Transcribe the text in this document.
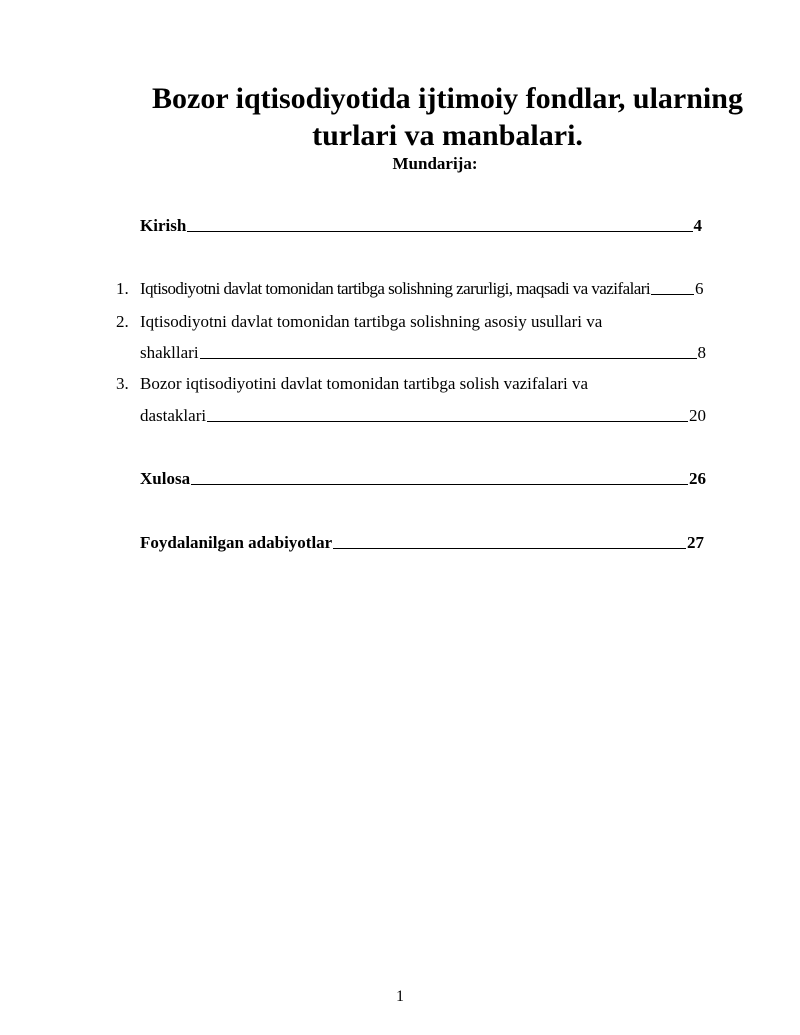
Bozor iqtisodiyotida ijtimoiy fondlar, ularning turlari va manbalari.
Mundarija:
Kirish	4
1. Iqtisodiyotni davlat tomonidan tartibga solishning zarurligi, maqsadi va vazifalari	6
2. Iqtisodiyotni davlat tomonidan tartibga solishning asosiy usullari va
shakllari	8
3. Bozor iqtisodiyotini davlat tomonidan tartibga solish vazifalari va
dastaklari	20
Xulosa	26
Foydalanilgan adabiyotlar	27
1
